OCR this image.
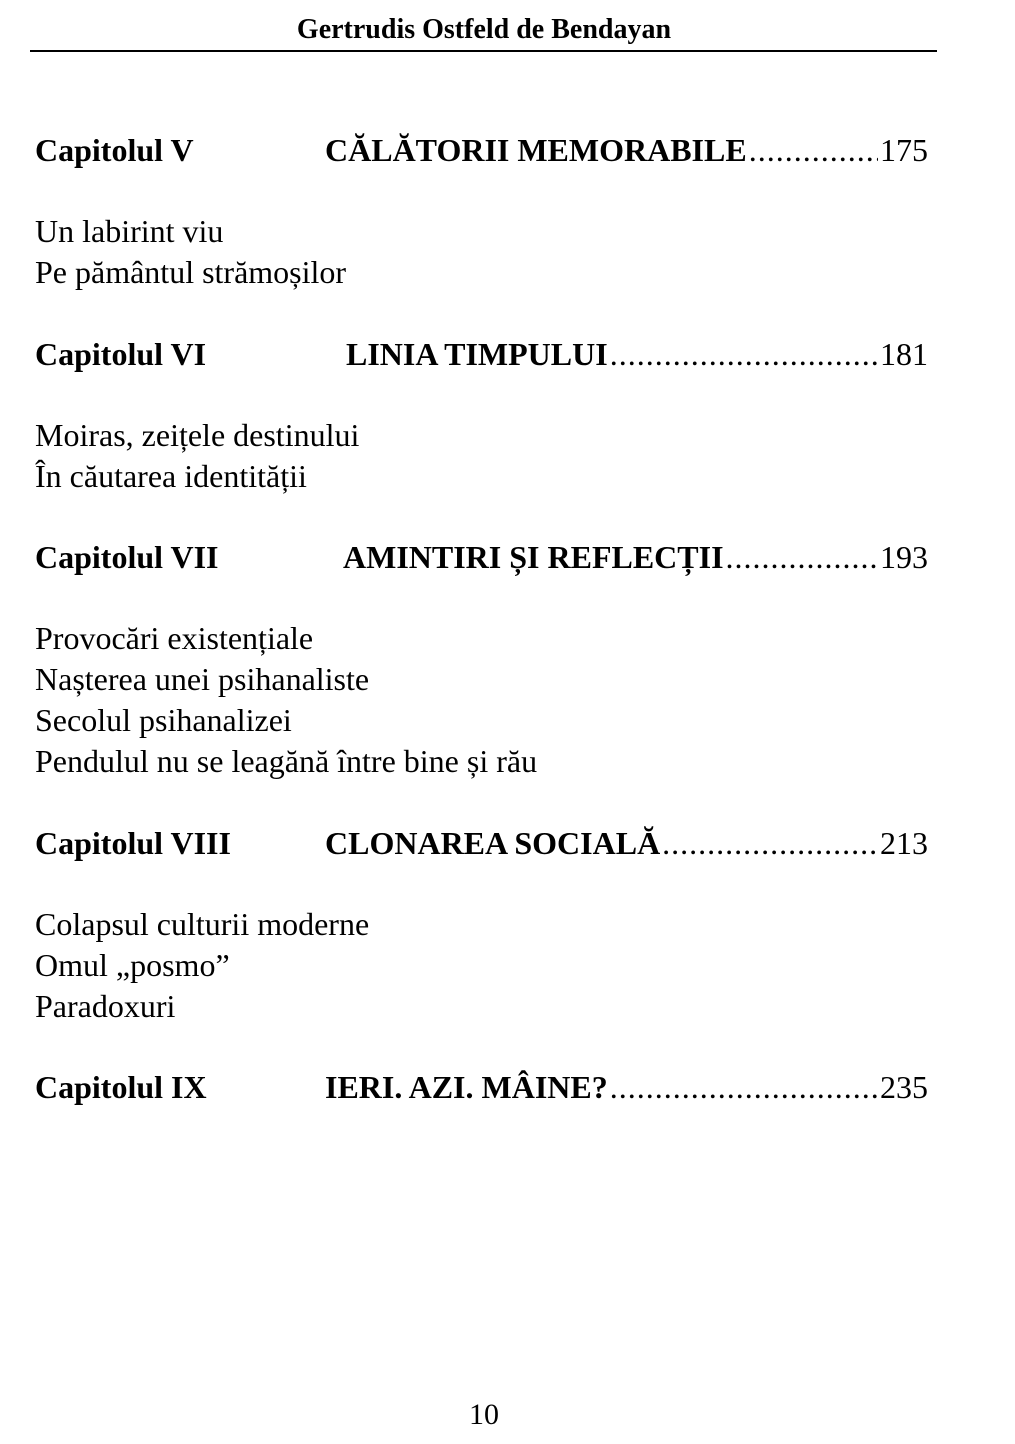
Gertrudis Ostfeld de Bendayan
Capitolul V	CĂLĂTORII MEMORABILE .....	175
Un labirint viu
Pe pământul strămoșilor
Capitolul VI	LINIA TIMPULUI .....	181
Moiras, zeițele destinului
În căutarea identității
Capitolul VII	AMINTIRI ȘI REFLECȚII .....	193
Provocări existențiale
Nașterea unei psihanaliste
Secolul psihanalizei
Pendulul nu se leagănă între bine și rău
Capitolul VIII	CLONAREA SOCIALĂ .....	213
Colapsul culturii moderne
Omul „posmo”
Paradoxuri
Capitolul IX	IERI. AZI. MÂINE? .....	235
10
